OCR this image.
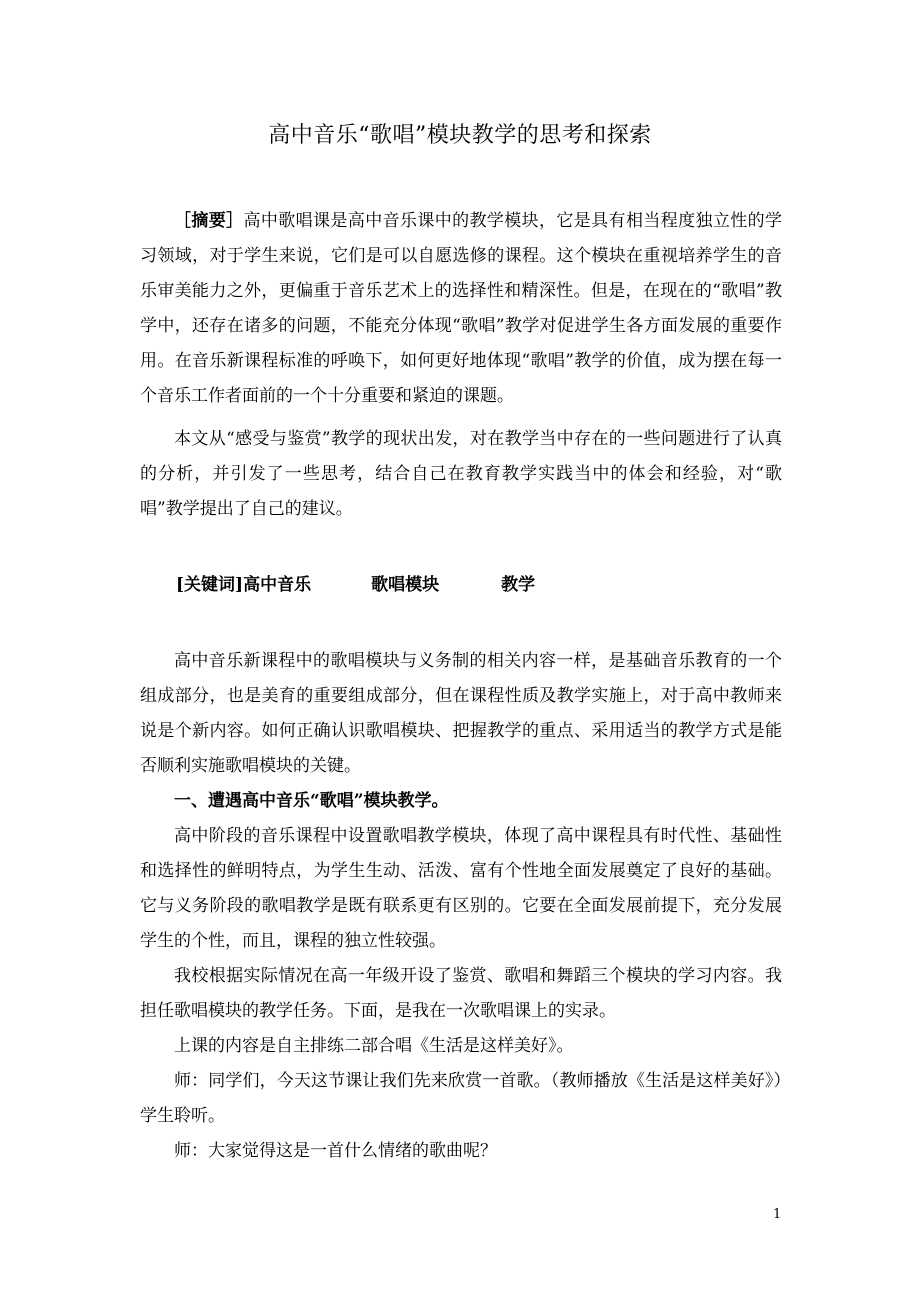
高中音乐“歌唱”模块教学的思考和探索

［摘要］高中歌唱课是高中音乐课中的教学模块，它是具有相当程度独立性的学习领域，对于学生来说，它们是可以自愿选修的课程。这个模块在重视培养学生的音乐审美能力之外，更偏重于音乐艺术上的选择性和精深性。但是，在现在的“歌唱”教学中，还存在诸多的问题，不能充分体现“歌唱”教学对促进学生各方面发展的重要作用。在音乐新课程标准的呼唤下，如何更好地体现“歌唱”教学的价值，成为摆在每一个音乐工作者面前的一个十分重要和紧迫的课题。

本文从“感受与鉴赏”教学的现状出发，对在教学当中存在的一些问题进行了认真的分析，并引发了一些思考，结合自己在教育教学实践当中的体会和经验，对“歌唱”教学提出了自己的建议。

[关键词]高中音乐	歌唱模块	教学

高中音乐新课程中的歌唱模块与义务制的相关内容一样，是基础音乐教育的一个组成部分，也是美育的重要组成部分，但在课程性质及教学实施上，对于高中教师来说是个新内容。如何正确认识歌唱模块、把握教学的重点、采用适当的教学方式是能否顺利实施歌唱模块的关键。

一、遭遇高中音乐“歌唱”模块教学。

高中阶段的音乐课程中设置歌唱教学模块，体现了高中课程具有时代性、基础性和选择性的鲜明特点，为学生生动、活泼、富有个性地全面发展奠定了良好的基础。它与义务阶段的歌唱教学是既有联系更有区别的。它要在全面发展前提下，充分发展学生的个性，而且，课程的独立性较强。

我校根据实际情况在高一年级开设了鉴赏、歌唱和舞蹈三个模块的学习内容。我担任歌唱模块的教学任务。下面，是我在一次歌唱课上的实录。

上课的内容是自主排练二部合唱《生活是这样美好》。

师：同学们，今天这节课让我们先来欣赏一首歌。（教师播放《生活是这样美好》）学生聆听。

师：大家觉得这是一首什么情绪的歌曲呢？

1
